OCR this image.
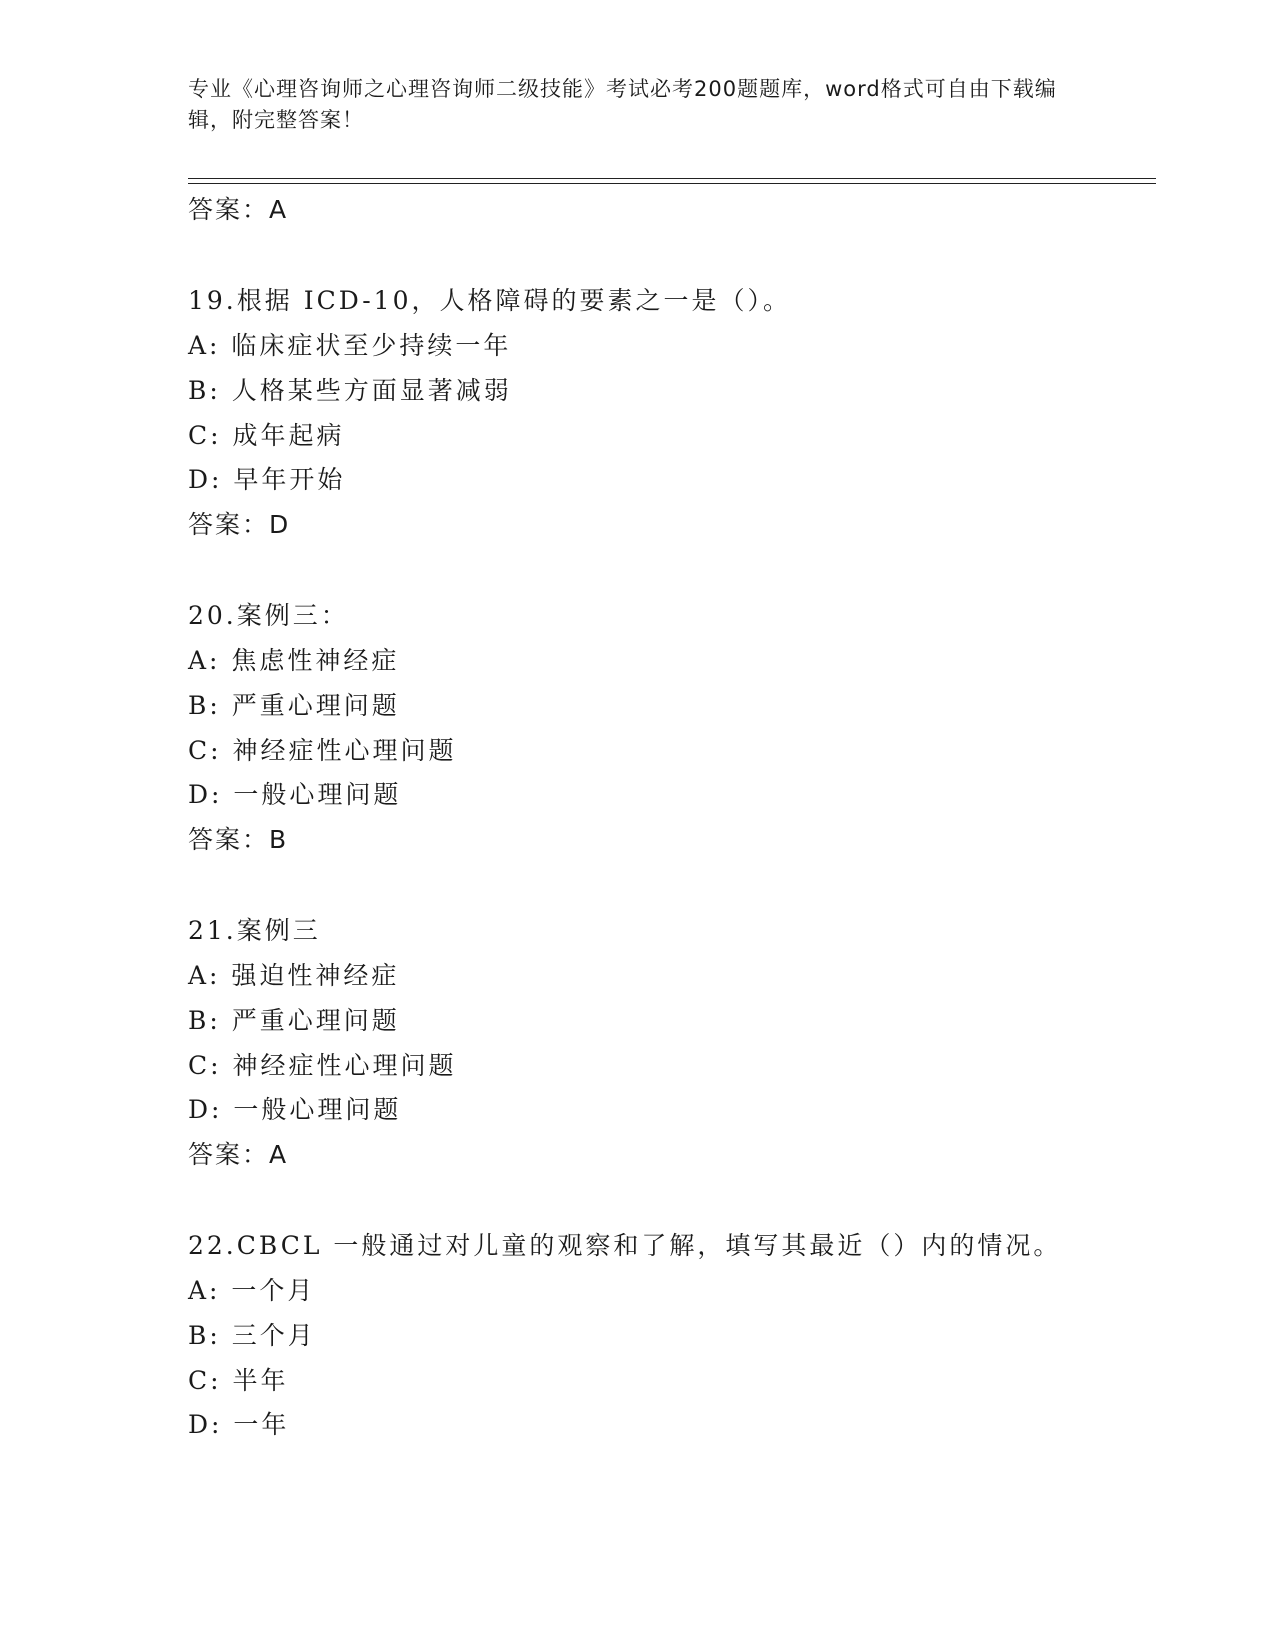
专业《心理咨询师之心理咨询师二级技能》考试必考200题题库，word格式可自由下载编辑，附完整答案！
答案：A
19.根据 ICD-10，人格障碍的要素之一是（）。
A: 临床症状至少持续一年
B: 人格某些方面显著减弱
C: 成年起病
D: 早年开始
答案：D
20.案例三：
A: 焦虑性神经症
B: 严重心理问题
C: 神经症性心理问题
D: 一般心理问题
答案：B
21.案例三
A: 强迫性神经症
B: 严重心理问题
C: 神经症性心理问题
D: 一般心理问题
答案：A
22.CBCL 一般通过对儿童的观察和了解，填写其最近（）内的情况。
A: 一个月
B: 三个月
C: 半年
D: 一年
